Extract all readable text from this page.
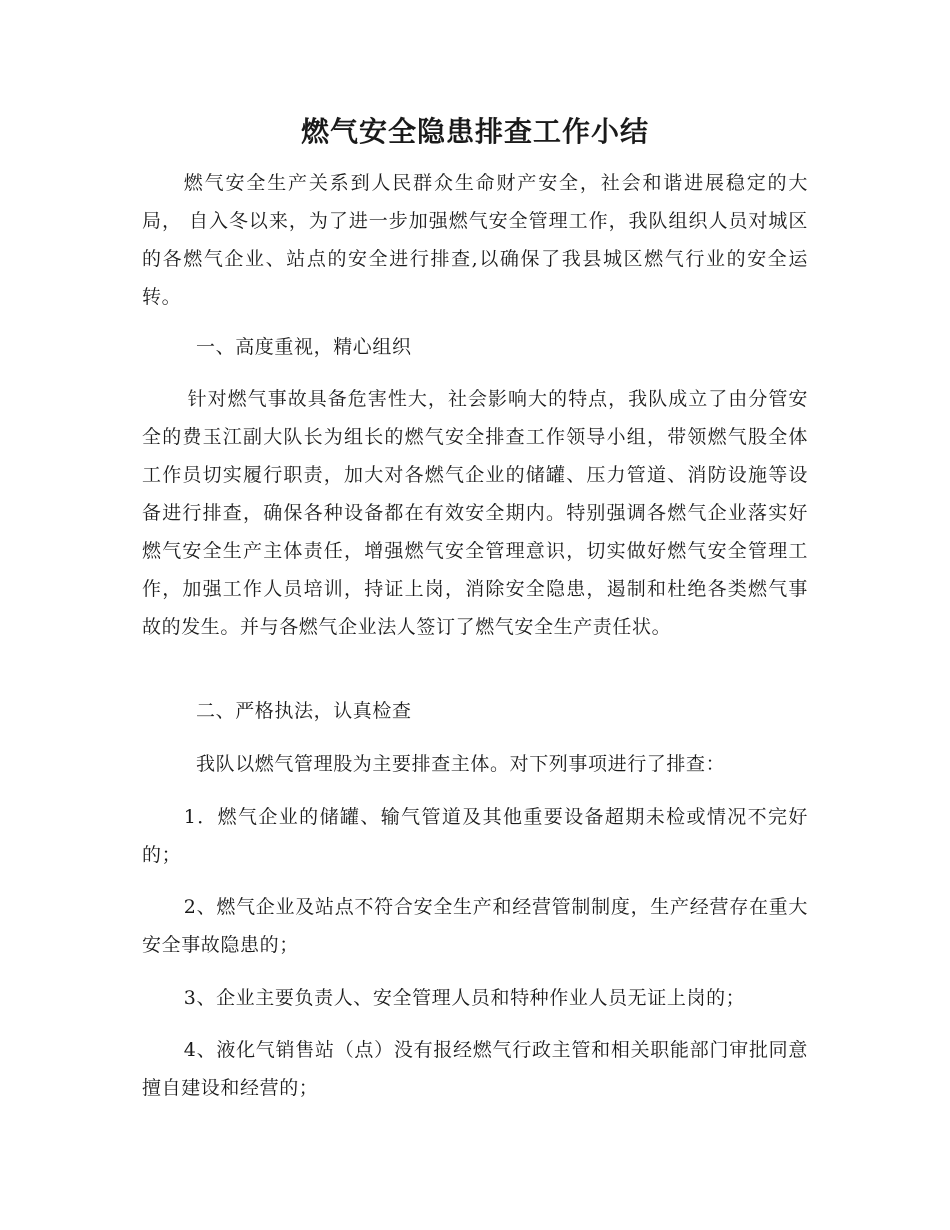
燃气安全隐患排查工作小结

燃气安全生产关系到人民群众生命财产安全，社会和谐进展稳定的大局， 自入冬以来，为了进一步加强燃气安全管理工作，我队组织人员对城区的各燃气企业、站点的安全进行排查,以确保了我县城区燃气行业的安全运转。

一、高度重视，精心组织

针对燃气事故具备危害性大，社会影响大的特点，我队成立了由分管安全的费玉江副大队长为组长的燃气安全排查工作领导小组，带领燃气股全体工作员切实履行职责，加大对各燃气企业的储罐、压力管道、消防设施等设备进行排查，确保各种设备都在有效安全期内。特别强调各燃气企业落实好燃气安全生产主体责任，增强燃气安全管理意识，切实做好燃气安全管理工作，加强工作人员培训，持证上岗，消除安全隐患，遏制和杜绝各类燃气事故的发生。并与各燃气企业法人签订了燃气安全生产责任状。

二、严格执法，认真检查

我队以燃气管理股为主要排查主体。对下列事项进行了排查：

1．燃气企业的储罐、输气管道及其他重要设备超期未检或情况不完好的；

2、燃气企业及站点不符合安全生产和经营管制制度，生产经营存在重大安全事故隐患的；

3、企业主要负责人、安全管理人员和特种作业人员无证上岗的；

4、液化气销售站（点）没有报经燃气行政主管和相关职能部门审批同意擅自建设和经营的；
